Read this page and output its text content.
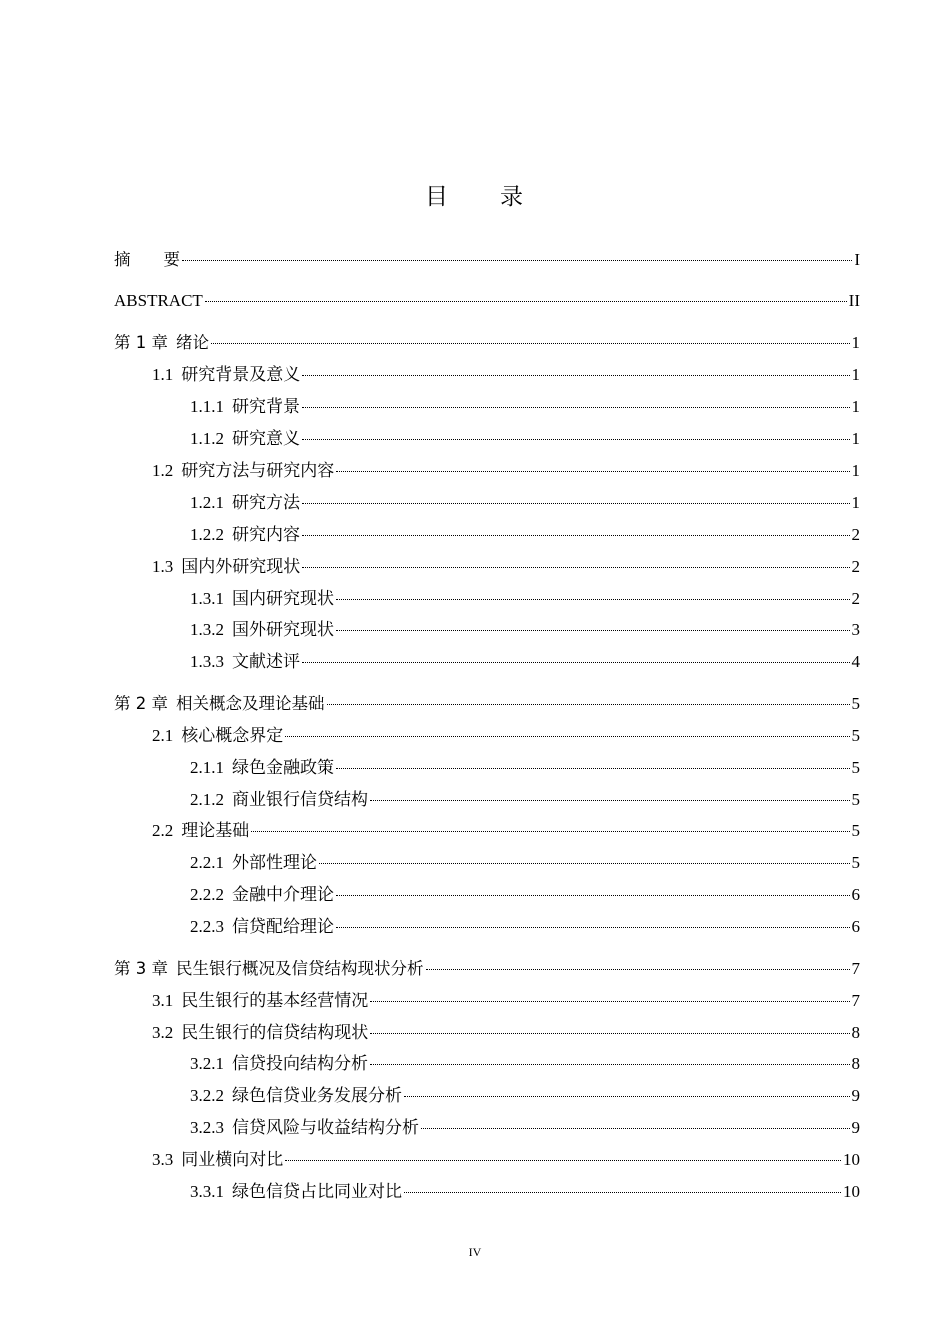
目 录
摘　　要	I
ABSTRACT	II
第 1 章 绪论	1
1.1 研究背景及意义	1
1.1.1 研究背景	1
1.1.2 研究意义	1
1.2 研究方法与研究内容	1
1.2.1 研究方法	1
1.2.2 研究内容	2
1.3 国内外研究现状	2
1.3.1 国内研究现状	2
1.3.2 国外研究现状	3
1.3.3 文献述评	4
第 2 章 相关概念及理论基础	5
2.1 核心概念界定	5
2.1.1 绿色金融政策	5
2.1.2 商业银行信贷结构	5
2.2 理论基础	5
2.2.1 外部性理论	5
2.2.2 金融中介理论	6
2.2.3 信贷配给理论	6
第 3 章 民生银行概况及信贷结构现状分析	7
3.1 民生银行的基本经营情况	7
3.2 民生银行的信贷结构现状	8
3.2.1 信贷投向结构分析	8
3.2.2 绿色信贷业务发展分析	9
3.2.3 信贷风险与收益结构分析	9
3.3 同业横向对比	10
3.3.1 绿色信贷占比同业对比	10
IV
